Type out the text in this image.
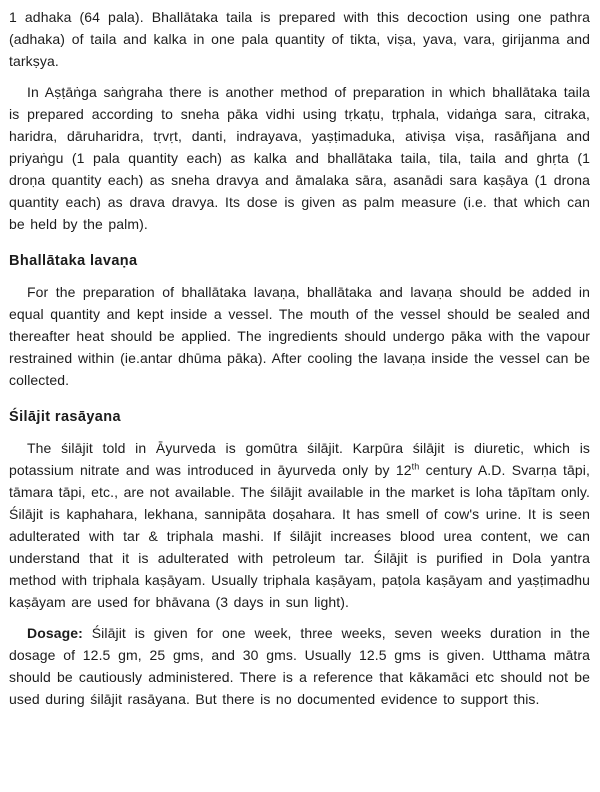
1 adhaka (64 pala). Bhallātaka taila is prepared with this decoction using one pathra (adhaka) of taila and kalka in one pala quantity of tikta, viṣa, yava, vara, girijanma and tarkṣya.

In Aṣṭāṅga saṅgraha there is another method of preparation in which bhallātaka taila is prepared according to sneha pāka vidhi using tṛkaṭu, tṛphala, vidaṅga sara, citraka, haridra, dāruharidra, tṛvṛt, danti, indrayava, yaṣṭimaduka, ativiṣa viṣa, rasāñjana and priyaṅgu (1 pala quantity each) as kalka and bhallātaka taila, tila, taila and ghṛta (1 droṇa quantity each) as sneha dravya and āmalaka sāra, asanādi sara kaṣāya (1 drona quantity each) as drava dravya. Its dose is given as palm measure (i.e. that which can be held by the palm).

Bhallātaka lavaṇa

For the preparation of bhallātaka lavaṇa, bhallātaka and lavaṇa should be added in equal quantity and kept inside a vessel. The mouth of the vessel should be sealed and thereafter heat should be applied. The ingredients should undergo pāka with the vapour restrained within (ie.antar dhūma pāka). After cooling the lavaṇa inside the vessel can be collected.

Śilājit rasāyana

The śilājit told in Āyurveda is gomūtra śilājit. Karpūra śilājit is diuretic, which is potassium nitrate and was introduced in āyurveda only by 12th century A.D. Svarṇa tāpi, tāmara tāpi, etc., are not available. The śilājit available in the market is loha tāpītam only. Śilājit is kaphahara, lekhana, sannipāta doṣahara. It has smell of cow's urine. It is seen adulterated with tar & triphala mashi. If śilājit increases blood urea content, we can understand that it is adulterated with petroleum tar. Śilājit is purified in Dola yantra method with triphala kaṣāyam. Usually triphala kaṣāyam, paṭola kaṣāyam and yaṣṭimadhu kaṣāyam are used for bhāvana (3 days in sun light).

Dosage: Śilājit is given for one week, three weeks, seven weeks duration in the dosage of 12.5 gm, 25 gms, and 30 gms. Usually 12.5 gms is given. Utthama mātra should be cautiously administered. There is a reference that kākamāci etc should not be used during śilājit rasāyana. But there is no documented evidence to support this.
